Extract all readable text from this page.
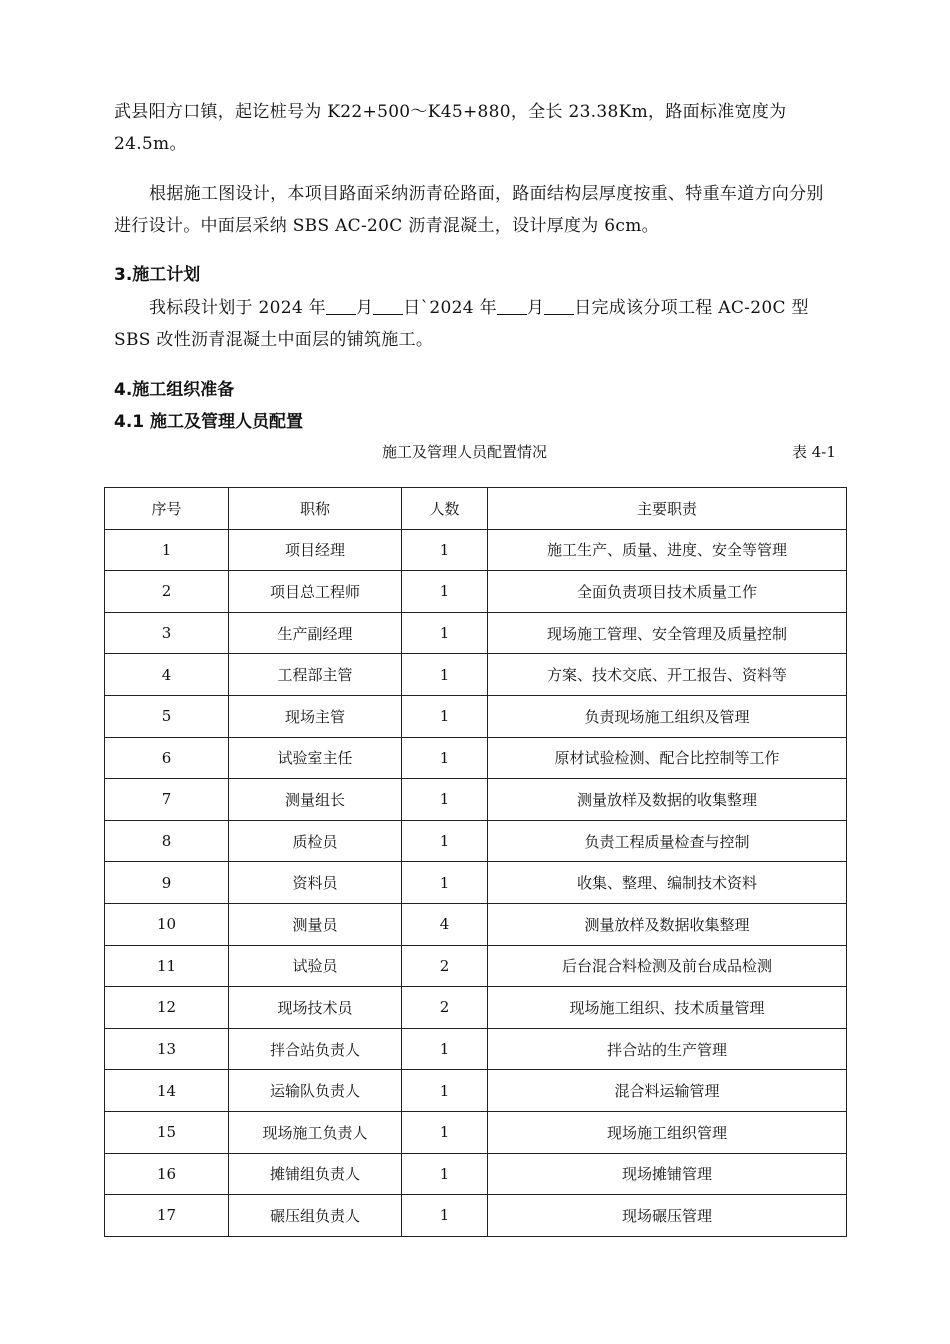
武县阳方口镇，起讫桩号为 K22+500～K45+880，全长 23.38Km，路面标准宽度为 24.5m。
根据施工图设计，本项目路面采纳沥青砼路面，路面结构层厚度按重、特重车道方向分别进行设计。中面层采纳 SBS AC-20C 沥青混凝土，设计厚度为 6cm。
3.施工计划
我标段计划于 2024 年 月 日`2024 年 月 日完成该分项工程 AC-20C 型 SBS 改性沥青混凝土中面层的铺筑施工。
4.施工组织准备
4.1 施工及管理人员配置
施工及管理人员配置情况	表 4-1
序号	职称	人数	主要职责
1	项目经理	1	施工生产、质量、进度、安全等管理
2	项目总工程师	1	全面负责项目技术质量工作
3	生产副经理	1	现场施工管理、安全管理及质量控制
4	工程部主管	1	方案、技术交底、开工报告、资料等
5	现场主管	1	负责现场施工组织及管理
6	试验室主任	1	原材试验检测、配合比控制等工作
7	测量组长	1	测量放样及数据的收集整理
8	质检员	1	负责工程质量检查与控制
9	资料员	1	收集、整理、编制技术资料
10	测量员	4	测量放样及数据收集整理
11	试验员	2	后台混合料检测及前台成品检测
12	现场技术员	2	现场施工组织、技术质量管理
13	拌合站负责人	1	拌合站的生产管理
14	运输队负责人	1	混合料运输管理
15	现场施工负责人	1	现场施工组织管理
16	摊铺组负责人	1	现场摊铺管理
17	碾压组负责人	1	现场碾压管理
